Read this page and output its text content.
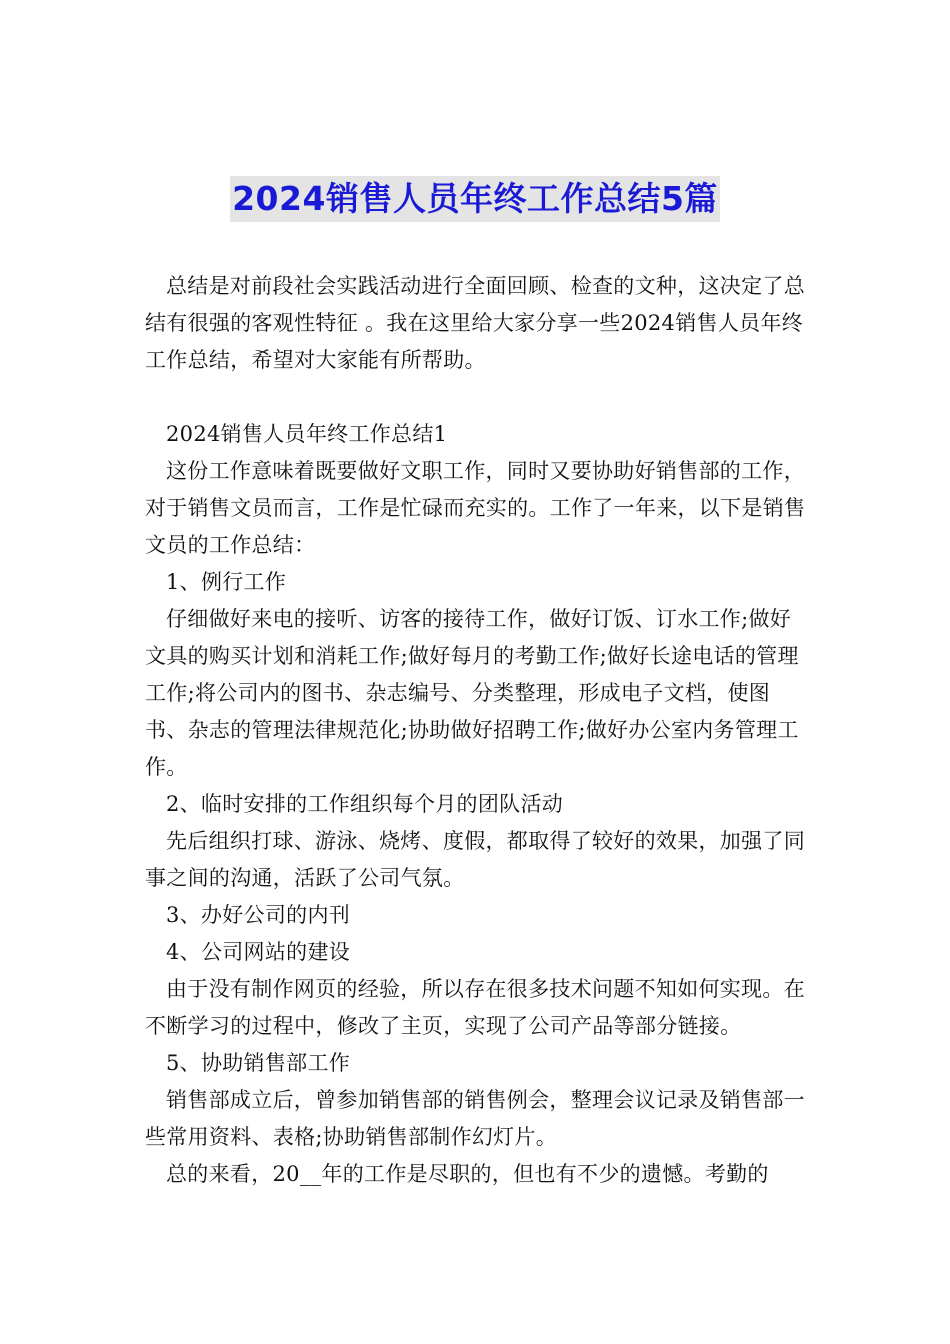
2024销售人员年终工作总结5篇

总结是对前段社会实践活动进行全面回顾、检查的文种，这决定了总结有很强的客观性特征 。我在这里给大家分享一些2024销售人员年终工作总结，希望对大家能有所帮助。

2024销售人员年终工作总结1

这份工作意味着既要做好文职工作，同时又要协助好销售部的工作，对于销售文员而言，工作是忙碌而充实的。工作了一年来，以下是销售文员的工作总结：

1、例行工作

仔细做好来电的接听、访客的接待工作，做好订饭、订水工作;做好文具的购买计划和消耗工作;做好每月的考勤工作;做好长途电话的管理工作;将公司内的图书、杂志编号、分类整理，形成电子文档，使图书、杂志的管理法律规范化;协助做好招聘工作;做好办公室内务管理工作。

2、临时安排的工作组织每个月的团队活动

先后组织打球、游泳、烧烤、度假，都取得了较好的效果，加强了同事之间的沟通，活跃了公司气氛。

3、办好公司的内刊

4、公司网站的建设

由于没有制作网页的经验，所以存在很多技术问题不知如何实现。在不断学习的过程中，修改了主页，实现了公司产品等部分链接。

5、协助销售部工作

销售部成立后，曾参加销售部的销售例会，整理会议记录及销售部一些常用资料、表格;协助销售部制作幻灯片。

总的来看，20__年的工作是尽职的，但也有不少的遗憾。考勤的
